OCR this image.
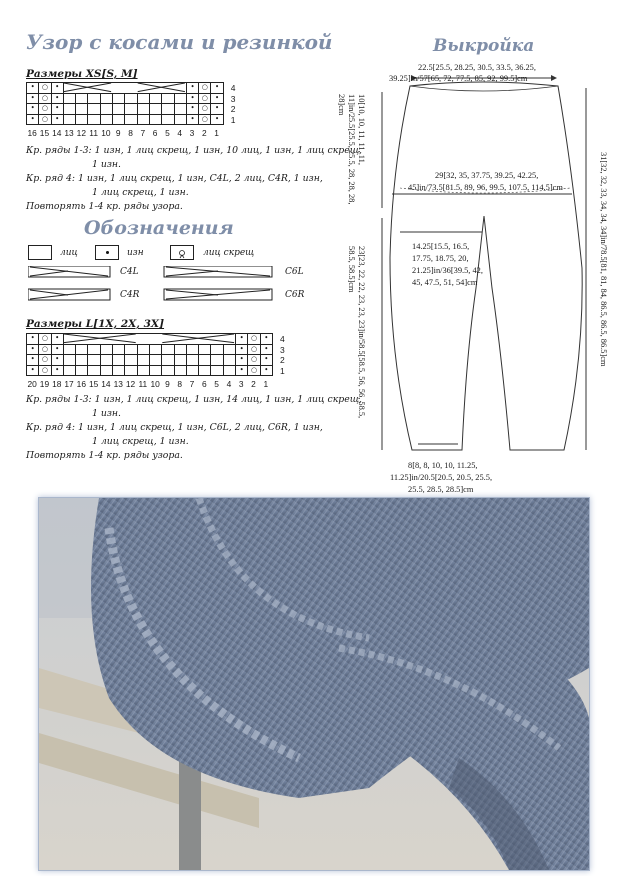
Узор с косами и резинкой
Размеры XS[S, M]
•	○	•											•	○	•
•	○	•											•	○	•
•	○	•											•	○	•
•	○	•											•	○	•
16 15 14 13 12 11 10 9 8 7 6 5 4 3 2 1
Кр. ряды 1-3: 1 изн, 1 лиц скрещ, 1 изн, 10 лиц, 1 изн, 1 лиц скрещ,
1 изн.
Кр. ряд 4: 1 изн, 1 лиц скрещ, 1 изн, C4L, 2 лиц, C4R, 1 изн,
1 лиц скрещ, 1 изн.
Повторять 1-4 кр. ряды узора.
Обозначения
лиц	изн	лиц скрещ
C4L	C6L
C4R	C6R
Размеры L[1X, 2X, 3X]
•	○	•															•	○	•
•	○	•															•	○	•
•	○	•															•	○	•
•	○	•															•	○	•
20 19 18 17 16 15 14 13 12 11 10 9 8 7 6 5 4 3 2 1
Кр. ряды 1-3: 1 изн, 1 лиц скрещ, 1 изн, 14 лиц, 1 изн, 1 лиц скрещ,
1 изн.
Кр. ряд 4: 1 изн, 1 лиц скрещ, 1 изн, C6L, 2 лиц, C6R, 1 изн,
1 лиц скрещ, 1 изн.
Повторять 1-4 кр. ряды узора.
Выкройка
22.5[25.5, 28.25, 30.5, 33.5, 36.25,
39.25]in/57[65, 72, 77.5, 85, 92, 99.5]cm
29[32, 35, 37.75, 39.25, 42.25,
45]in/73.5[81.5, 89, 96, 99.5, 107.5, 114.5]cm
14.25[15.5, 16.5,
17.75, 18.75, 20,
21.25]in/36[39.5, 42,
45, 47.5, 51, 54]cm
8[8, 8, 10, 10, 11.25,
11.25]in/20.5[20.5, 20.5, 25.5,
25.5, 28.5, 28.5]cm
10[10, 10, 11, 11, 11, 11]in/25.5[25.5, 25.5, 28, 28, 28, 28]cm
23[23, 22, 22, 23, 23, 23]in/58.5[58.5, 56, 56, 58.5, 58.5, 58.5]cm	31[32, 32, 33, 34, 34, 34]in/78.5[81, 81, 84, 86.5, 86.5, 86.5]cm
4
3
2
1
4
3
2
1
